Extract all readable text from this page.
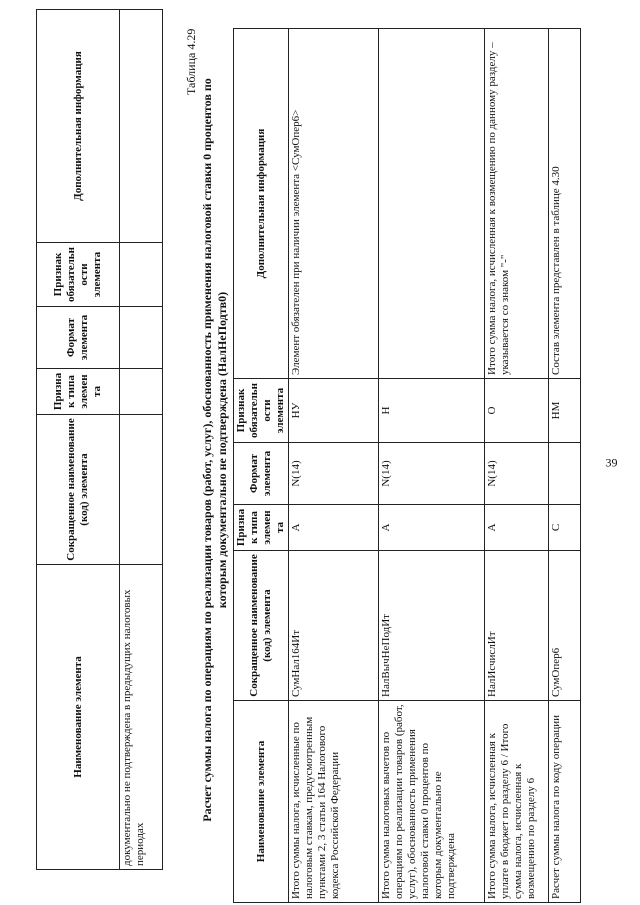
39
Наименование элемента	Сокращенное наименование (код) элемента	Признак типа элемента	Формат элемента	Признак обязательности элемента	Дополнительная информация
документально не подтверждена в предыдущих налоговых периодах					
Таблица 4.29
Расчет суммы налога по операциям по реализации товаров (работ, услуг), обоснованность применения налоговой ставки 0 процентов по которым документально не подтверждена (НалНеПодтв0)
Наименование элемента	Сокращенное наименование (код) элемента	Признак типа элемента	Формат элемента	Признак обязательности элемента	Дополнительная информация
Итого суммы налога, исчисленные по налоговым ставкам, предусмотренным пунктами 2, 3 статьи 164 Налогового кодекса Российской Федерации	СумНал164Ит	А	N(14)	НУ	Элемент обязателен при наличии элемента <СумОпер6>
Итого сумма налоговых вычетов по операциям по реализации товаров (работ, услуг), обоснованность применения налоговой ставки 0 процентов по которым документально не подтверждена	НалВычНеПодИт	А	N(14)	Н	
Итого сумма налога, исчисленная к уплате в бюджет по разделу 6 / Итого сумма налога, исчисленная к возмещению по разделу 6	НалИсчислИт	А	N(14)	О	Итого сумма налога, исчисленная к возмещению по данному разделу – указывается со знаком "-"
Расчет суммы налога по коду операции	СумОпер6	С		НМ	Состав элемента представлен в таблице 4.30
